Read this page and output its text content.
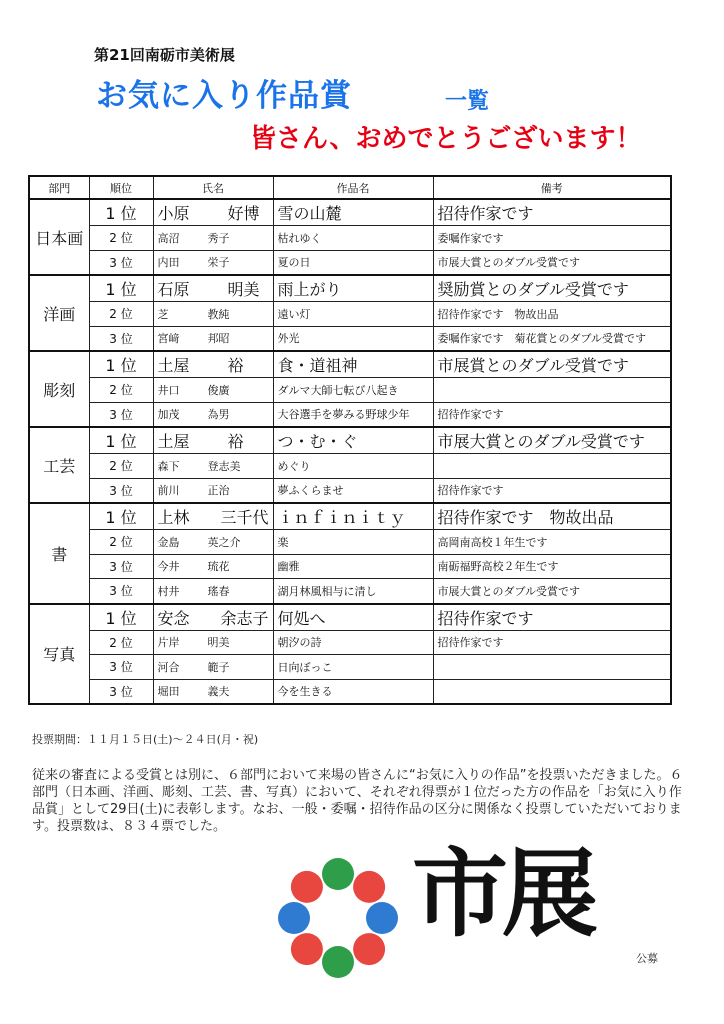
第21回南砺市美術展
お気に入り作品賞	一覧
皆さん、おめでとうございます！
部門	順位	氏名	作品名	備考
日本画	1 位	小原 好博	雪の山麓	招待作家です
	2 位	高沼 秀子	枯れゆく	委嘱作家です
	3 位	内田 栄子	夏の日	市展大賞とのダブル受賞です
洋画	1 位	石原 明美	雨上がり	奨励賞とのダブル受賞です
	2 位	芝 教純	遠い灯	招待作家です　物故出品
	3 位	宮﨑 邦昭	外光	委嘱作家です　菊花賞とのダブル受賞です
彫刻	1 位	土屋 裕	食・道祖神	市展賞とのダブル受賞です
	2 位	井口 俊廣	ダルマ大師七転び八起き	
	3 位	加茂 為男	大谷選手を夢みる野球少年	招待作家です
工芸	1 位	土屋 裕	つ・む・ぐ	市展大賞とのダブル受賞です
	2 位	森下 登志美	めぐり	
	3 位	前川 正治	夢ふくらませ	招待作家です
書	1 位	上林 三千代	ｉｎｆｉｎｉｔｙ	招待作家です　物故出品
	2 位	金島 英之介	楽	高岡南高校１年生です
	3 位	今井 琉花	幽雅	南砺福野高校２年生です
	3 位	村井 瑤春	湖月林風相与に清し	市展大賞とのダブル受賞です
写真	1 位	安念 余志子	何処へ	招待作家です
	2 位	片岸 明美	朝汐の詩	招待作家です
	3 位	河合 範子	日向ぼっこ	
	3 位	堀田 義夫	今を生きる	
投票期間：１１月１５日(土)～２４日(月・祝)
従来の審査による受賞とは別に、６部門において来場の皆さんに“お気に入りの作品”を投票いただきました。６部門（日本画、洋画、彫刻、工芸、書、写真）において、それぞれ得票が１位だった方の作品を「お気に入り作品賞」として29日(土)に表彰します。なお、一般・委嘱・招待作品の区分に関係なく投票していただいております。投票数は、８３４票でした。
市展
公募
